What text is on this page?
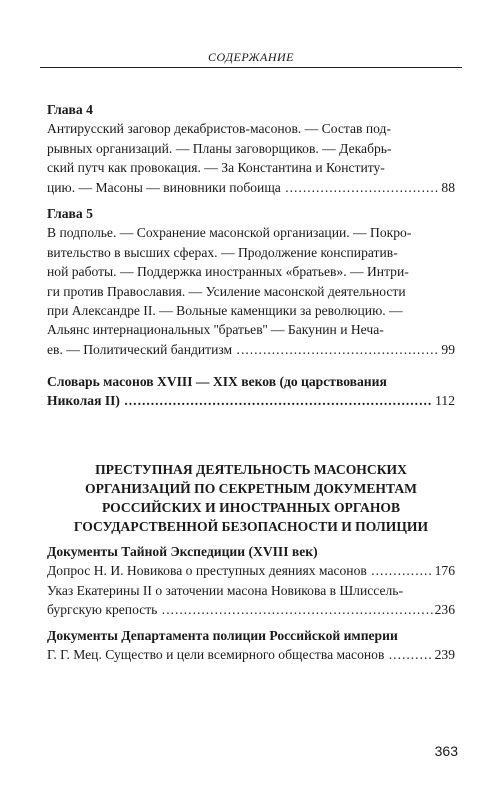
СОДЕРЖАНИЕ
Глава 4
Антирусский заговор декабристов-масонов. — Состав под-
рывных организаций. — Планы заговорщиков. — Декабрь-
ский путч как провокация. — За Константина и Конститу-
цию. — Масоны — виновники побоища .....	88
Глава 5
В подполье. — Сохранение масонской организации. — Покро-
вительство в высших сферах. — Продолжение конспиратив-
ной работы. — Поддержка иностранных «братьев». — Интри-
ги против Православия. — Усиление масонской деятельности
при Александре II. — Вольные каменщики за революцию. —
Альянс интернациональных ''братьев'' — Бакунин и Неча-
ев. — Политический бандитизм .....	99
Словарь масонов XVIII — XIX веков (до царствования
Николая II) .....	112
ПРЕСТУПНАЯ ДЕЯТЕЛЬНОСТЬ МАСОНСКИХ
ОРГАНИЗАЦИЙ ПО СЕКРЕТНЫМ ДОКУМЕНТАМ
РОССИЙСКИХ И ИНОСТРАННЫХ ОРГАНОВ
ГОСУДАРСТВЕННОЙ БЕЗОПАСНОСТИ И ПОЛИЦИИ
Документы Тайной Экспедиции (XVIII век)
Допрос Н. И. Новикова о преступных деяниях масонов .....	176
Указ Екатерины II о заточении масона Новикова в Шлиссель-
бургскую крепость .....	236
Документы Департамента полиции Российской империи
Г. Г. Мец. Существо и цели всемирного общества масонов .....	239
363
